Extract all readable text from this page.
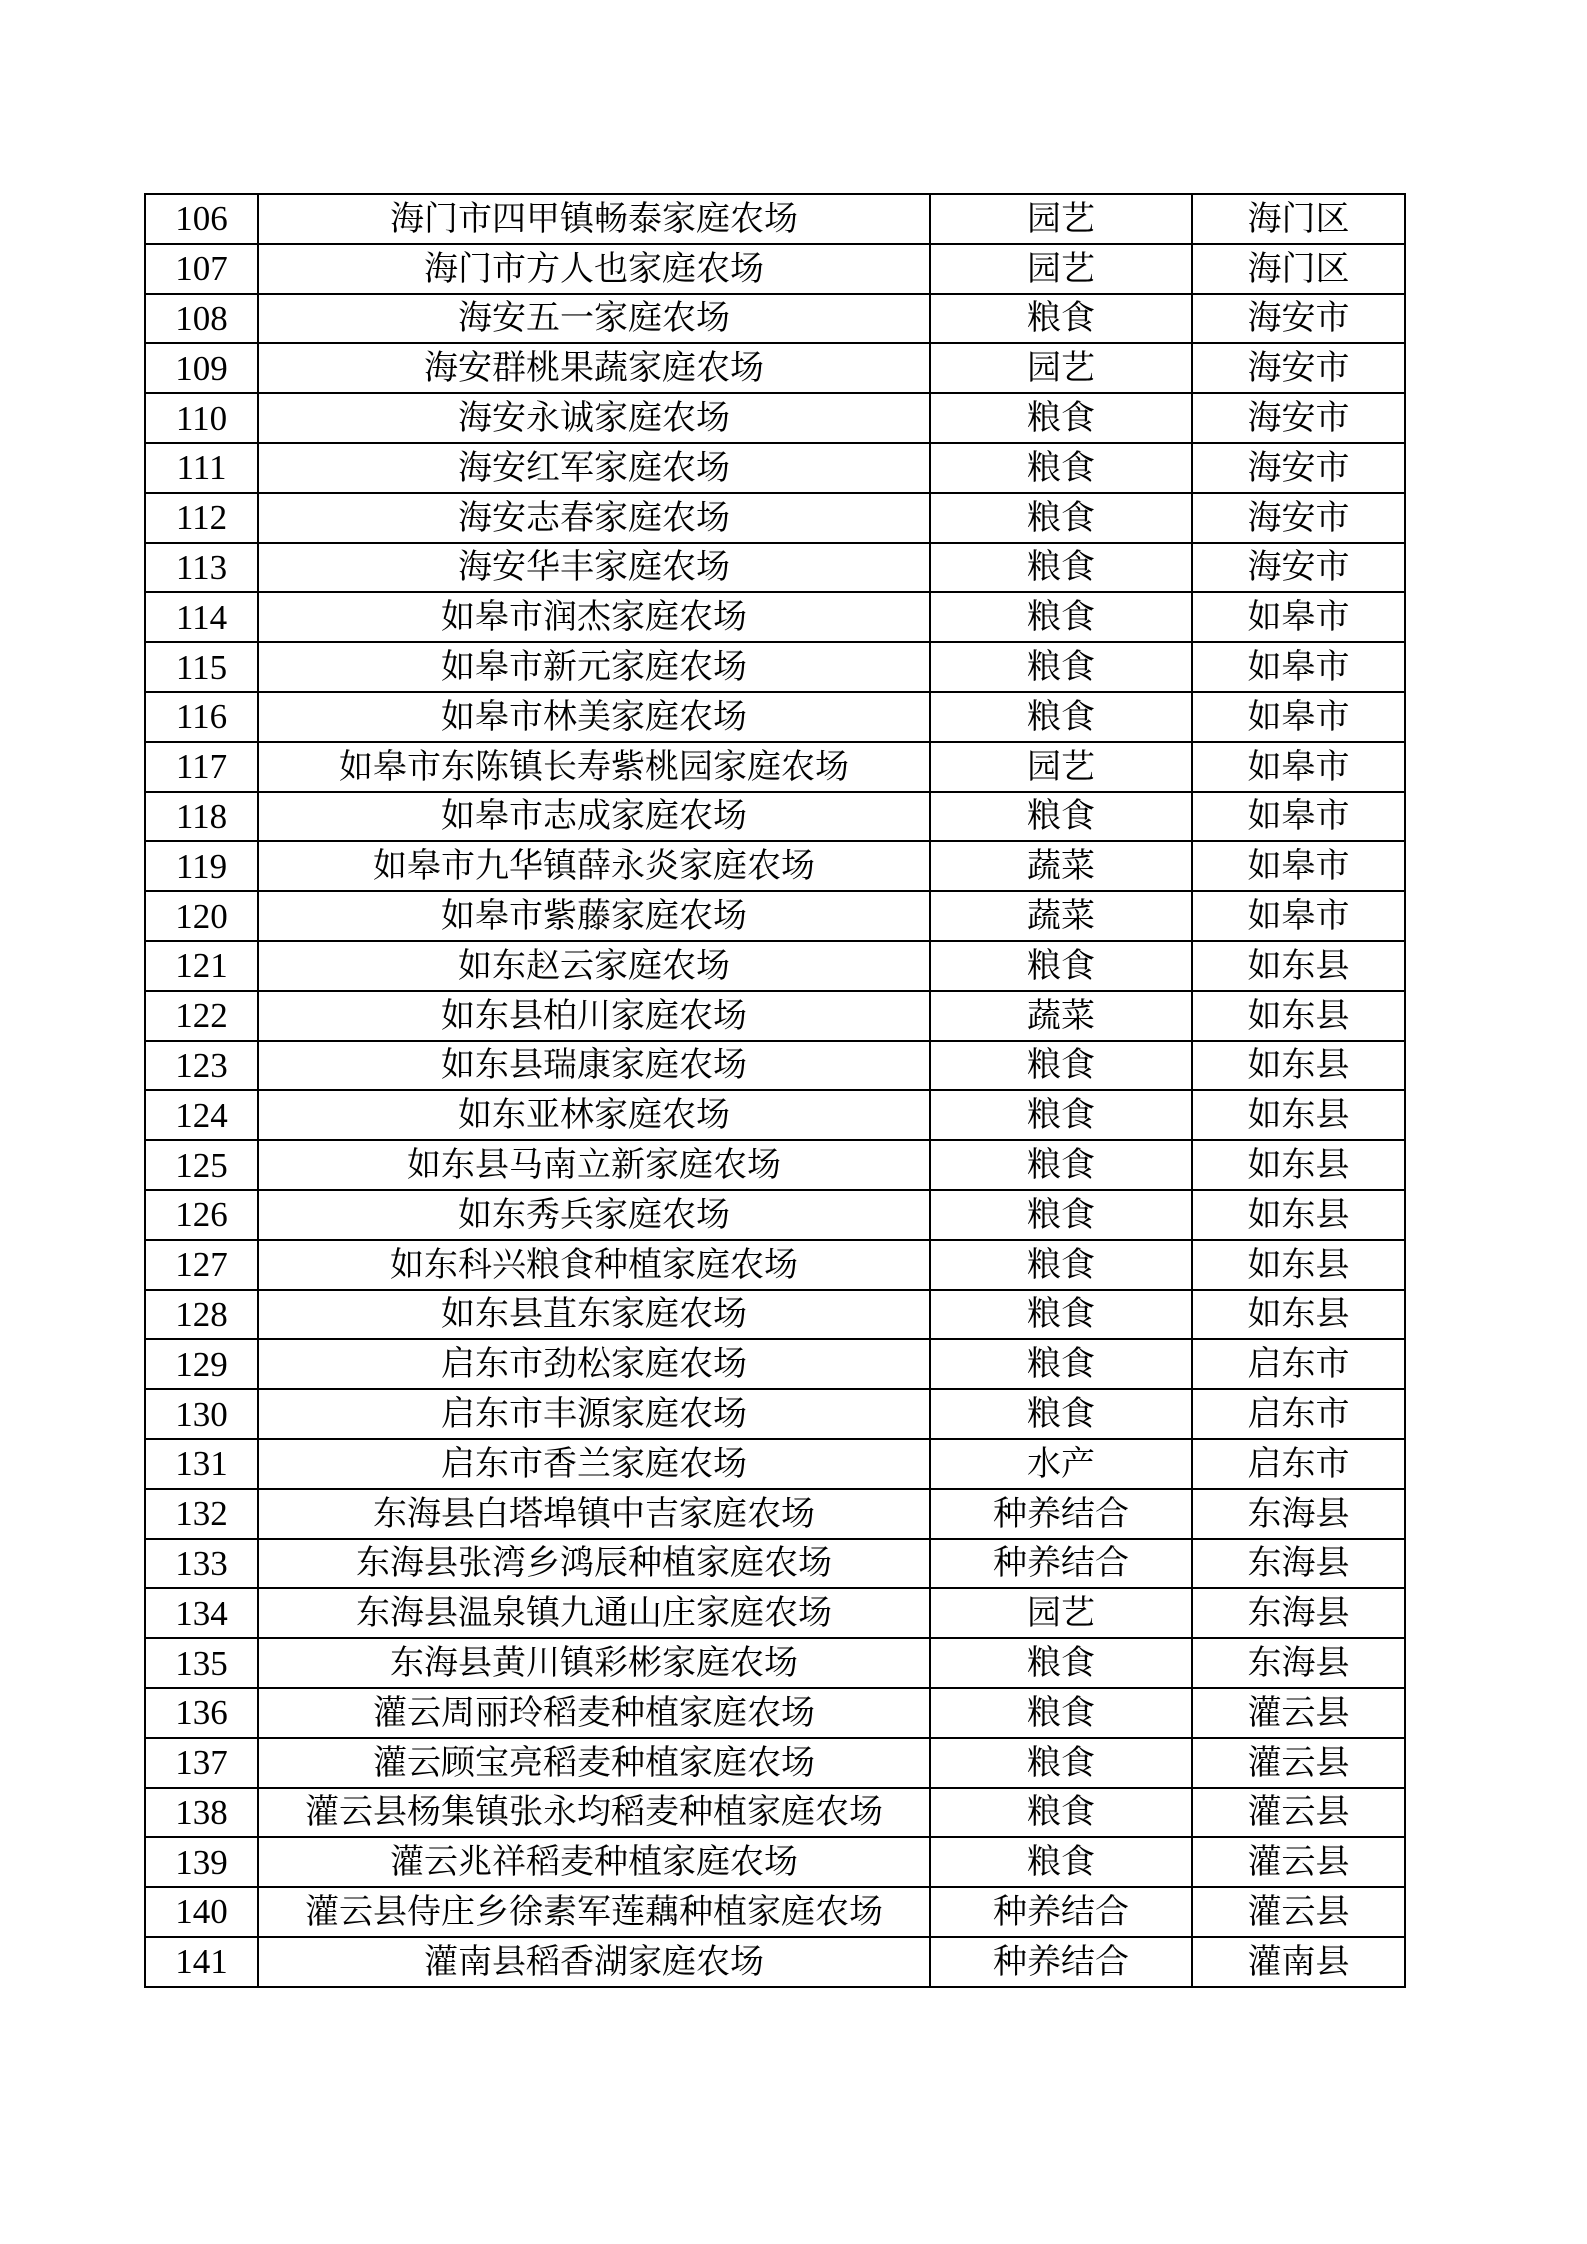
106	海门市四甲镇畅泰家庭农场	园艺	海门区
107	海门市方人也家庭农场	园艺	海门区
108	海安五一家庭农场	粮食	海安市
109	海安群桃果蔬家庭农场	园艺	海安市
110	海安永诚家庭农场	粮食	海安市
111	海安红军家庭农场	粮食	海安市
112	海安志春家庭农场	粮食	海安市
113	海安华丰家庭农场	粮食	海安市
114	如皋市润杰家庭农场	粮食	如皋市
115	如皋市新元家庭农场	粮食	如皋市
116	如皋市林美家庭农场	粮食	如皋市
117	如皋市东陈镇长寿紫桃园家庭农场	园艺	如皋市
118	如皋市志成家庭农场	粮食	如皋市
119	如皋市九华镇薛永炎家庭农场	蔬菜	如皋市
120	如皋市紫藤家庭农场	蔬菜	如皋市
121	如东赵云家庭农场	粮食	如东县
122	如东县柏川家庭农场	蔬菜	如东县
123	如东县瑞康家庭农场	粮食	如东县
124	如东亚林家庭农场	粮食	如东县
125	如东县马南立新家庭农场	粮食	如东县
126	如东秀兵家庭农场	粮食	如东县
127	如东科兴粮食种植家庭农场	粮食	如东县
128	如东县苴东家庭农场	粮食	如东县
129	启东市劲松家庭农场	粮食	启东市
130	启东市丰源家庭农场	粮食	启东市
131	启东市香兰家庭农场	水产	启东市
132	东海县白塔埠镇中吉家庭农场	种养结合	东海县
133	东海县张湾乡鸿辰种植家庭农场	种养结合	东海县
134	东海县温泉镇九通山庄家庭农场	园艺	东海县
135	东海县黄川镇彩彬家庭农场	粮食	东海县
136	灌云周丽玲稻麦种植家庭农场	粮食	灌云县
137	灌云顾宝亮稻麦种植家庭农场	粮食	灌云县
138	灌云县杨集镇张永均稻麦种植家庭农场	粮食	灌云县
139	灌云兆祥稻麦种植家庭农场	粮食	灌云县
140	灌云县侍庄乡徐素军莲藕种植家庭农场	种养结合	灌云县
141	灌南县稻香湖家庭农场	种养结合	灌南县
